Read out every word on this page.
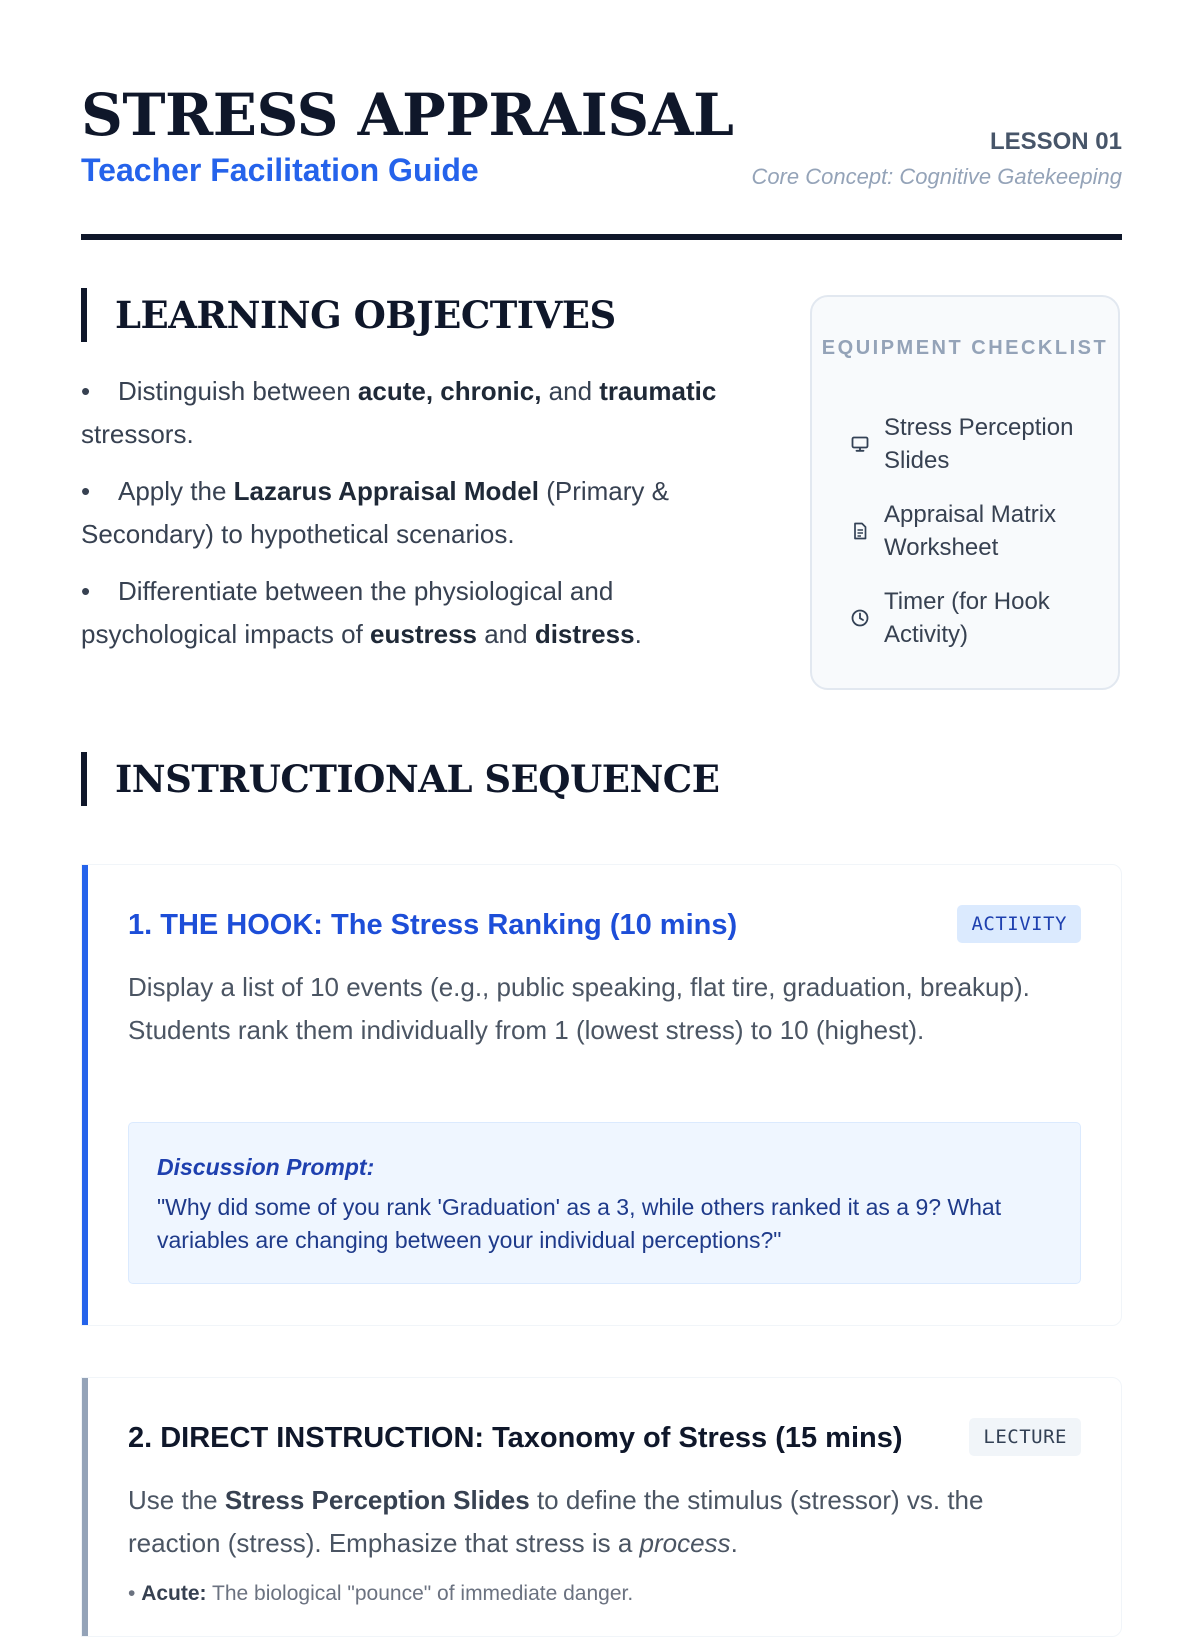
STRESS APPRAISAL
Teacher Facilitation Guide
LESSON 01
Core Concept: Cognitive Gatekeeping
LEARNING OBJECTIVES
• Distinguish between acute, chronic, and traumatic stressors.
• Apply the Lazarus Appraisal Model (Primary & Secondary) to hypothetical scenarios.
• Differentiate between the physiological and psychological impacts of eustress and distress.
EQUIPMENT CHECKLIST
Stress Perception Slides
Appraisal Matrix Worksheet
Timer (for Hook Activity)
INSTRUCTIONAL SEQUENCE
1. THE HOOK: The Stress Ranking (10 mins)	ACTIVITY

Display a list of 10 events (e.g., public speaking, flat tire, graduation, breakup). Students rank them individually from 1 (lowest stress) to 10 (highest).

Discussion Prompt:

"Why did some of you rank 'Graduation' as a 3, while others ranked it as a 9? What variables are changing between your individual perceptions?"

2. DIRECT INSTRUCTION: Taxonomy of Stress (15 mins)	LECTURE

Use the Stress Perception Slides to define the stimulus (stressor) vs. the reaction (stress). Emphasize that stress is a process.

• Acute: The biological "pounce" of immediate danger.
